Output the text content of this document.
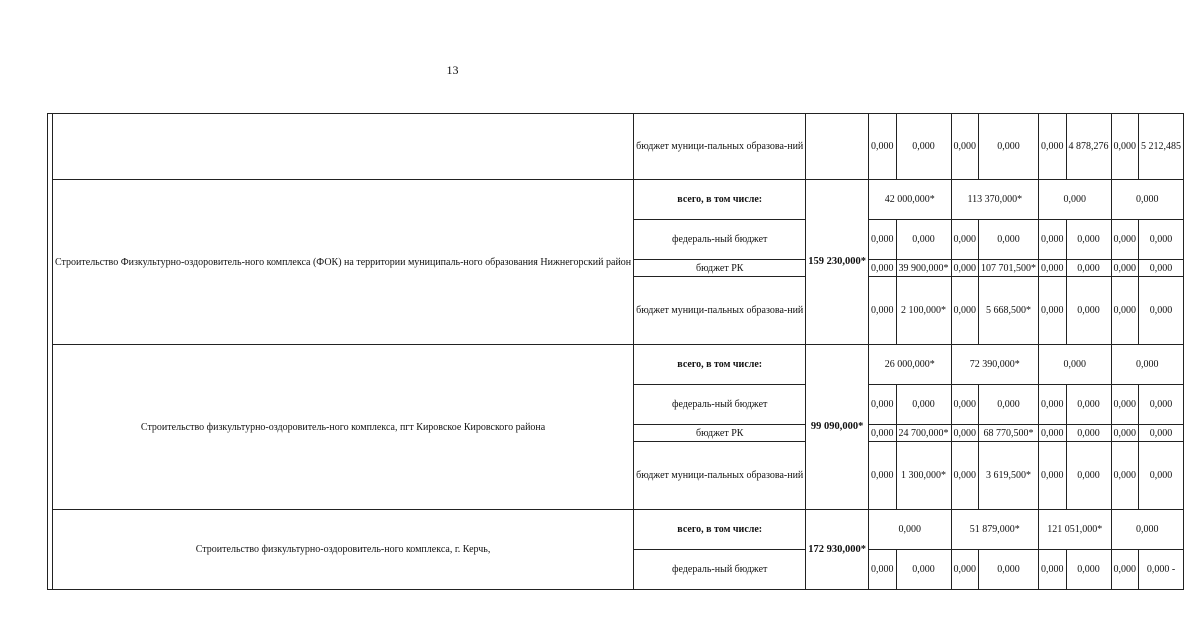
13
		бюджет муници-пальных образова-ний		0,000	0,000	0,000	0,000	0,000	4 878,276	0,000	5 212,485
	Строительство Физкультурно-оздоровитель-ного комплекса (ФОК) на территории муниципаль-ного образования Нижнегорский район	всего, в том числе:	159 230,000*	42 000,000*		113 370,000*		0,000		0,000	
		федераль-ный бюджет		0,000	0,000	0,000	0,000	0,000	0,000	0,000	0,000
		бюджет РК		0,000	39 900,000*	0,000	107 701,500*	0,000	0,000	0,000	0,000
		бюджет муници-пальных образова-ний		0,000	2 100,000*	0,000	5 668,500*	0,000	0,000	0,000	0,000
	Строительство физкультурно-оздоровитель-ного комплекса, пгт Кировское Кировского района	всего, в том числе:	99 090,000*	26 000,000*		72 390,000*		0,000		0,000	
		федераль-ный бюджет		0,000	0,000	0,000	0,000	0,000	0,000	0,000	0,000
		бюджет РК		0,000	24 700,000*	0,000	68 770,500*	0,000	0,000	0,000	0,000
		бюджет муници-пальных образова-ний		0,000	1 300,000*	0,000	3 619,500*	0,000	0,000	0,000	0,000
	Строительство физкультурно-оздоровитель-ного комплекса, г. Керчь,	всего, в том числе:	172 930,000*	0,000		51 879,000*		121 051,000*		0,000	
		федераль-ный бюджет		0,000	0,000	0,000	0,000	0,000	0,000	0,000	0,000 -
